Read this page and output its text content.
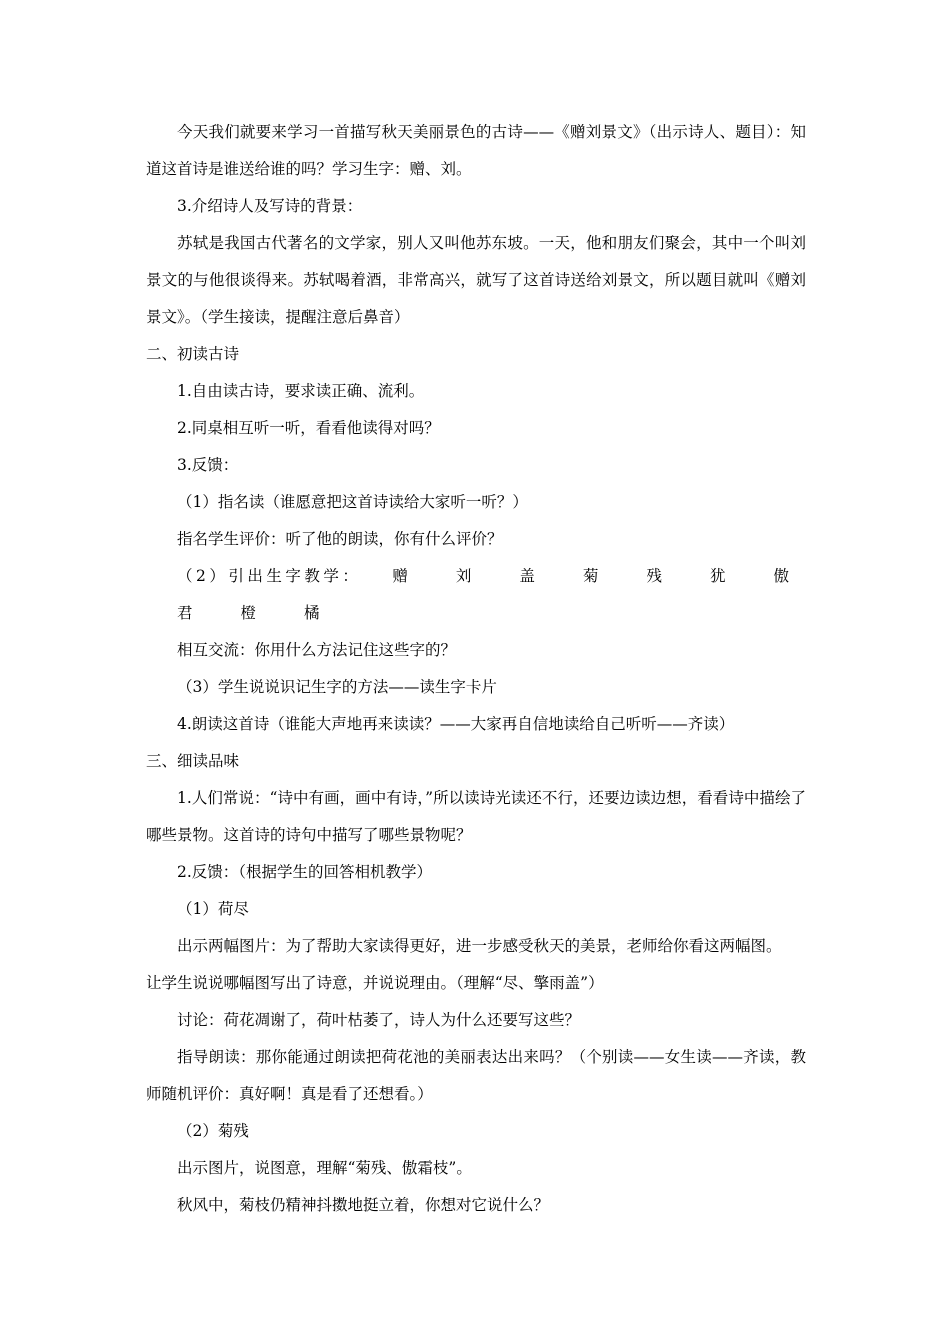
今天我们就要来学习一首描写秋天美丽景色的古诗——《赠刘景文》（出示诗人、题目）：知道这首诗是谁送给谁的吗？学习生字：赠、刘。

3.介绍诗人及写诗的背景：

苏轼是我国古代著名的文学家，别人又叫他苏东坡。一天，他和朋友们聚会，其中一个叫刘景文的与他很谈得来。苏轼喝着酒，非常高兴，就写了这首诗送给刘景文，所以题目就叫《赠刘景文》。（学生接读，提醒注意后鼻音）

二、初读古诗

1.自由读古诗，要求读正确、流利。

2.同桌相互听一听，看看他读得对吗？

3.反馈：

（1）指名读（谁愿意把这首诗读给大家听一听？）

指名学生评价：听了他的朗读，你有什么评价？

（2）引出生字教学： 赠	刘	盖	菊	残	犹	傲君	橙	橘

相互交流：你用什么方法记住这些字的？

（3）学生说说识记生字的方法——读生字卡片

4.朗读这首诗（谁能大声地再来读读？——大家再自信地读给自己听听——齐读）

三、细读品味

1.人们常说：“诗中有画，画中有诗，”所以读诗光读还不行，还要边读边想，看看诗中描绘了哪些景物。这首诗的诗句中描写了哪些景物呢？

2.反馈：（根据学生的回答相机教学）

（1）荷尽

出示两幅图片：为了帮助大家读得更好，进一步感受秋天的美景，老师给你看这两幅图。

让学生说说哪幅图写出了诗意，并说说理由。（理解“尽、擎雨盖”）

讨论：荷花凋谢了，荷叶枯萎了，诗人为什么还要写这些？

指导朗读：那你能通过朗读把荷花池的美丽表达出来吗？（个别读——女生读——齐读，教师随机评价：真好啊！真是看了还想看。）

（2）菊残

出示图片，说图意，理解“菊残、傲霜枝”。

秋风中，菊枝仍精神抖擞地挺立着，你想对它说什么？
